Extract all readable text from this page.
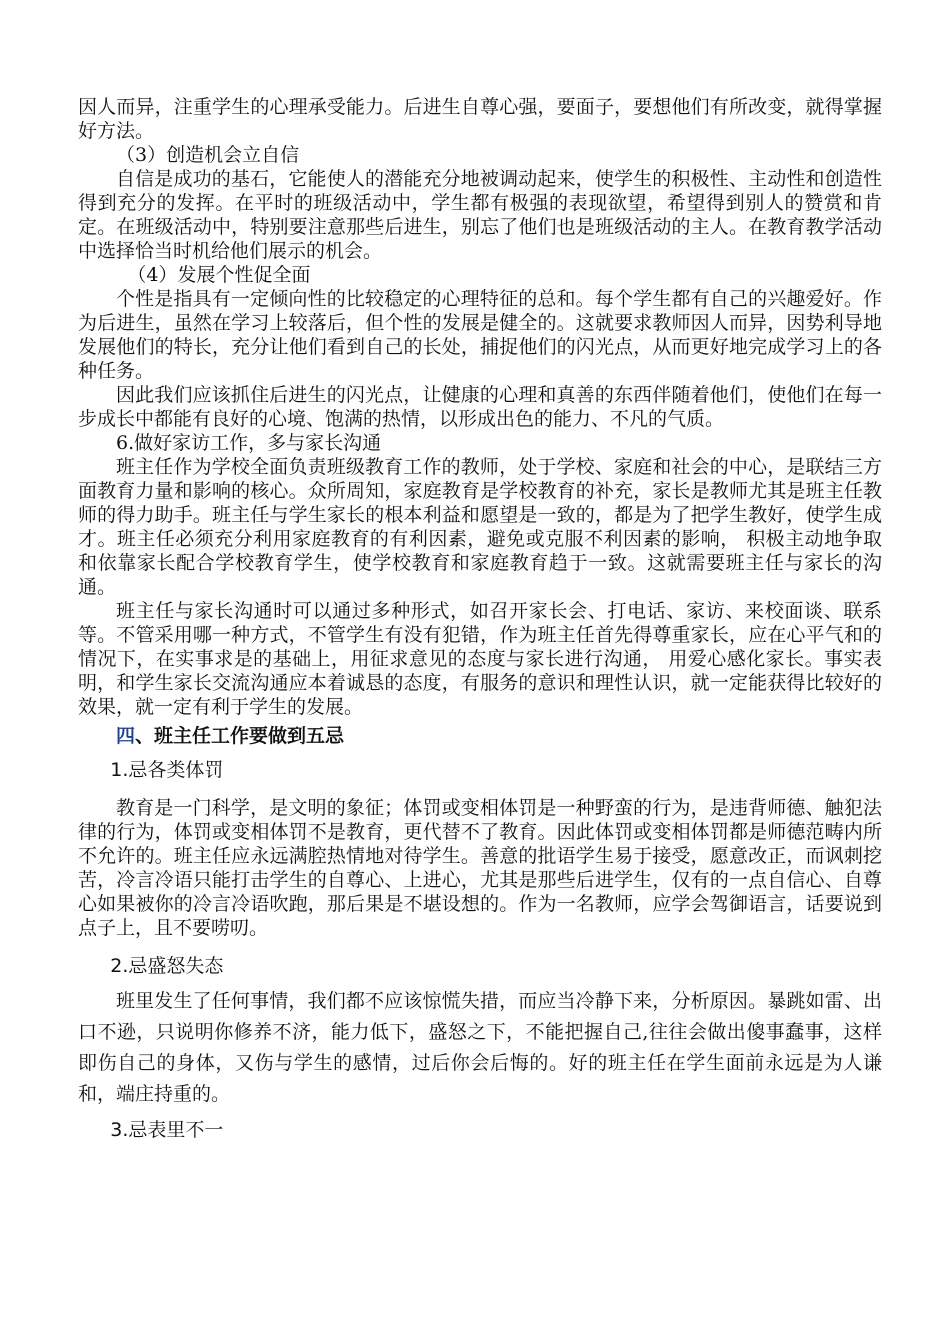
因人而异，注重学生的心理承受能力。后进生自尊心强，要面子，要想他们有所改变，就得掌握好方法。

（3）创造机会立自信

自信是成功的基石，它能使人的潜能充分地被调动起来，使学生的积极性、主动性和创造性得到充分的发挥。在平时的班级活动中，学生都有极强的表现欲望，希望得到别人的赞赏和肯定。在班级活动中，特别要注意那些后进生，别忘了他们也是班级活动的主人。在教育教学活动中选择恰当时机给他们展示的机会。

（4）发展个性促全面

个性是指具有一定倾向性的比较稳定的心理特征的总和。每个学生都有自己的兴趣爱好。作为后进生，虽然在学习上较落后，但个性的发展是健全的。这就要求教师因人而异，因势利导地发展他们的特长，充分让他们看到自己的长处，捕捉他们的闪光点，从而更好地完成学习上的各种任务。

因此我们应该抓住后进生的闪光点，让健康的心理和真善的东西伴随着他们，使他们在每一步成长中都能有良好的心境、饱满的热情，以形成出色的能力、不凡的气质。

6.做好家访工作，多与家长沟通

班主任作为学校全面负责班级教育工作的教师，处于学校、家庭和社会的中心，是联结三方面教育力量和影响的核心。众所周知，家庭教育是学校教育的补充，家长是教师尤其是班主任教师的得力助手。班主任与学生家长的根本利益和愿望是一致的，都是为了把学生教好，使学生成才。班主任必须充分利用家庭教育的有利因素，避免或克服不利因素的影响， 积极主动地争取和依靠家长配合学校教育学生，使学校教育和家庭教育趋于一致。这就需要班主任与家长的沟通。

班主任与家长沟通时可以通过多种形式，如召开家长会、打电话、家访、来校面谈、联系等。不管采用哪一种方式，不管学生有没有犯错，作为班主任首先得尊重家长，应在心平气和的情况下，在实事求是的基础上，用征求意见的态度与家长进行沟通， 用爱心感化家长。事实表明，和学生家长交流沟通应本着诚恳的态度，有服务的意识和理性认识，就一定能获得比较好的效果，就一定有利于学生的发展。

四、班主任工作要做到五忌

1.忌各类体罚

教育是一门科学，是文明的象征；体罚或变相体罚是一种野蛮的行为，是违背师德、触犯法律的行为，体罚或变相体罚不是教育，更代替不了教育。因此体罚或变相体罚都是师德范畴内所不允许的。班主任应永远满腔热情地对待学生。善意的批语学生易于接受，愿意改正，而讽刺挖苦，冷言冷语只能打击学生的自尊心、上进心，尤其是那些后进学生，仅有的一点自信心、自尊心如果被你的冷言冷语吹跑，那后果是不堪设想的。作为一名教师，应学会驾御语言，话要说到点子上，且不要唠叨。

2.忌盛怒失态

班里发生了任何事情，我们都不应该惊慌失措，而应当冷静下来，分析原因。暴跳如雷、出口不逊，只说明你修养不济，能力低下，盛怒之下，不能把握自己,往往会做出傻事蠢事，这样即伤自己的身体，又伤与学生的感情，过后你会后悔的。好的班主任在学生面前永远是为人谦和，端庄持重的。

3.忌表里不一
